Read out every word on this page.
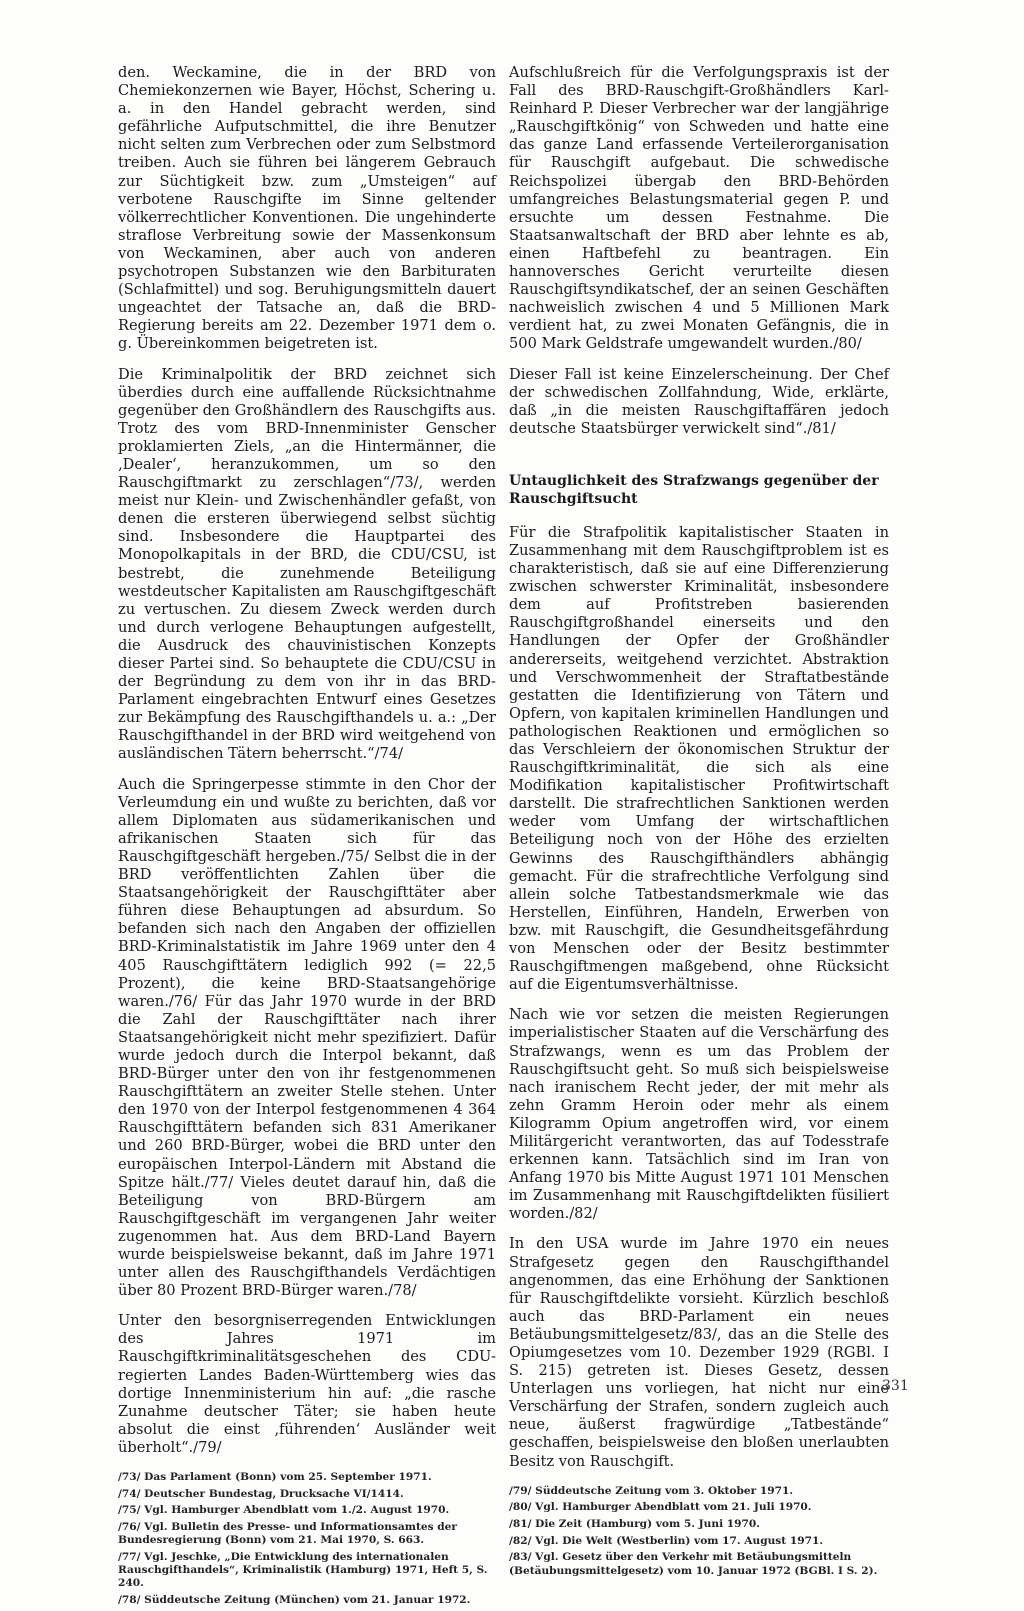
den. Weckamine, die in der BRD von Chemiekonzernen wie Bayer, Höchst, Schering u. a. in den Handel gebracht werden, sind gefährliche Aufputschmittel, die ihre Benutzer nicht selten zum Verbrechen oder zum Selbstmord treiben. Auch sie führen bei längerem Gebrauch zur Süchtigkeit bzw. zum „Umsteigen“ auf verbotene Rauschgifte im Sinne geltender völkerrechtlicher Konventionen. Die ungehinderte straflose Verbreitung sowie der Massenkonsum von Weckaminen, aber auch von anderen psychotropen Substanzen wie den Barbituraten (Schlafmittel) und sog. Beruhigungsmitteln dauert ungeachtet der Tatsache an, daß die BRD-Regierung bereits am 22. Dezember 1971 dem o. g. Übereinkommen beigetreten ist.

Die Kriminalpolitik der BRD zeichnet sich überdies durch eine auffallende Rücksichtnahme gegenüber den Großhändlern des Rauschgifts aus. Trotz des vom BRD-Innenminister Genscher proklamierten Ziels, „an die Hintermänner, die ‚Dealer‘, heranzukommen, um so den Rauschgiftmarkt zu zerschlagen“/73/, werden meist nur Klein- und Zwischenhändler gefaßt, von denen die ersteren überwiegend selbst süchtig sind. Insbesondere die Hauptpartei des Monopolkapitals in der BRD, die CDU/CSU, ist bestrebt, die zunehmende Beteiligung westdeutscher Kapitalisten am Rauschgiftgeschäft zu vertuschen. Zu diesem Zweck werden durch und durch verlogene Behauptungen aufgestellt, die Ausdruck des chauvinistischen Konzepts dieser Partei sind. So behauptete die CDU/CSU in der Begründung zu dem von ihr in das BRD-Parlament eingebrachten Entwurf eines Gesetzes zur Bekämpfung des Rauschgifthandels u. a.: „Der Rauschgifthandel in der BRD wird weitgehend von ausländischen Tätern beherrscht.“/74/

Auch die Springerpesse stimmte in den Chor der Verleumdung ein und wußte zu berichten, daß vor allem Diplomaten aus südamerikanischen und afrikanischen Staaten sich für das Rauschgiftgeschäft hergeben./75/ Selbst die in der BRD veröffentlichten Zahlen über die Staatsangehörigkeit der Rauschgifttäter aber führen diese Behauptungen ad absurdum. So befanden sich nach den Angaben der offiziellen BRD-Kriminalstatistik im Jahre 1969 unter den 4 405 Rauschgifttätern lediglich 992 (= 22,5 Prozent), die keine BRD-Staatsangehörige waren./76/ Für das Jahr 1970 wurde in der BRD die Zahl der Rauschgifttäter nach ihrer Staatsangehörigkeit nicht mehr spezifiziert. Dafür wurde jedoch durch die Interpol bekannt, daß BRD-Bürger unter den von ihr festgenommenen Rauschgifttätern an zweiter Stelle stehen. Unter den 1970 von der Interpol festgenommenen 4 364 Rauschgifttätern befanden sich 831 Amerikaner und 260 BRD-Bürger, wobei die BRD unter den europäischen Interpol-Ländern mit Abstand die Spitze hält./77/ Vieles deutet darauf hin, daß die Beteiligung von BRD-Bürgern am Rauschgiftgeschäft im vergangenen Jahr weiter zugenommen hat. Aus dem BRD-Land Bayern wurde beispielsweise bekannt, daß im Jahre 1971 unter allen des Rauschgifthandels Verdächtigen über 80 Prozent BRD-Bürger waren./78/

Unter den besorgniserregenden Entwicklungen des Jahres 1971 im Rauschgiftkriminalitätsgeschehen des CDU-regierten Landes Baden-Württemberg wies das dortige Innenministerium hin auf: „die rasche Zunahme deutscher Täter; sie haben heute absolut die einst ‚führenden‘ Ausländer weit überholt“./79/

/73/ Das Parlament (Bonn) vom 25. September 1971.

/74/ Deutscher Bundestag, Drucksache VI/1414.

/75/ Vgl. Hamburger Abendblatt vom 1./2. August 1970.

/76/ Vgl. Bulletin des Presse- und Informationsamtes der Bundesregierung (Bonn) vom 21. Mai 1970, S. 663.

/77/ Vgl. Jeschke, „Die Entwicklung des internationalen Rauschgifthandels“, Kriminalistik (Hamburg) 1971, Heft 5, S. 240.

/78/ Süddeutsche Zeitung (München) vom 21. Januar 1972.

Aufschlußreich für die Verfolgungspraxis ist der Fall des BRD-Rauschgift-Großhändlers Karl-Reinhard P. Dieser Verbrecher war der langjährige „Rauschgiftkönig“ von Schweden und hatte eine das ganze Land erfassende Verteilerorganisation für Rauschgift aufgebaut. Die schwedische Reichspolizei übergab den BRD-Behörden umfangreiches Belastungsmaterial gegen P. und ersuchte um dessen Festnahme. Die Staatsanwaltschaft der BRD aber lehnte es ab, einen Haftbefehl zu beantragen. Ein hannoversches Gericht verurteilte diesen Rauschgiftsyndikatschef, der an seinen Geschäften nachweislich zwischen 4 und 5 Millionen Mark verdient hat, zu zwei Monaten Gefängnis, die in 500 Mark Geldstrafe umgewandelt wurden./80/

Dieser Fall ist keine Einzelerscheinung. Der Chef der schwedischen Zollfahndung, Wide, erklärte, daß „in die meisten Rauschgiftaffären jedoch deutsche Staatsbürger verwickelt sind“./81/

Untauglichkeit des Strafzwangs gegenüber der Rauschgiftsucht

Für die Strafpolitik kapitalistischer Staaten in Zusammenhang mit dem Rauschgiftproblem ist es charakteristisch, daß sie auf eine Differenzierung zwischen schwerster Kriminalität, insbesondere dem auf Profitstreben basierenden Rauschgiftgroßhandel einerseits und den Handlungen der Opfer der Großhändler andererseits, weitgehend verzichtet. Abstraktion und Verschwommenheit der Straftatbestände gestatten die Identifizierung von Tätern und Opfern, von kapitalen kriminellen Handlungen und pathologischen Reaktionen und ermöglichen so das Verschleiern der ökonomischen Struktur der Rauschgiftkriminalität, die sich als eine Modifikation kapitalistischer Profitwirtschaft darstellt. Die strafrechtlichen Sanktionen werden weder vom Umfang der wirtschaftlichen Beteiligung noch von der Höhe des erzielten Gewinns des Rauschgifthändlers abhängig gemacht. Für die strafrechtliche Verfolgung sind allein solche Tatbestandsmerkmale wie das Herstellen, Einführen, Handeln, Erwerben von bzw. mit Rauschgift, die Gesundheitsgefährdung von Menschen oder der Besitz bestimmter Rauschgiftmengen maßgebend, ohne Rücksicht auf die Eigentumsverhältnisse.

Nach wie vor setzen die meisten Regierungen imperialistischer Staaten auf die Verschärfung des Strafzwangs, wenn es um das Problem der Rauschgiftsucht geht. So muß sich beispielsweise nach iranischem Recht jeder, der mit mehr als zehn Gramm Heroin oder mehr als einem Kilogramm Opium angetroffen wird, vor einem Militärgericht verantworten, das auf Todesstrafe erkennen kann. Tatsächlich sind im Iran von Anfang 1970 bis Mitte August 1971 101 Menschen im Zusammenhang mit Rauschgiftdelikten füsiliert worden./82/

In den USA wurde im Jahre 1970 ein neues Strafgesetz gegen den Rauschgifthandel angenommen, das eine Erhöhung der Sanktionen für Rauschgiftdelikte vorsieht. Kürzlich beschloß auch das BRD-Parlament ein neues Betäubungsmittelgesetz/83/, das an die Stelle des Opiumgesetzes vom 10. Dezember 1929 (RGBl. I S. 215) getreten ist. Dieses Gesetz, dessen Unterlagen uns vorliegen, hat nicht nur eine Verschärfung der Strafen, sondern zugleich auch neue, äußerst fragwürdige „Tatbestände“ geschaffen, beispielsweise den bloßen unerlaubten Besitz von Rauschgift.

/79/ Süddeutsche Zeitung vom 3. Oktober 1971.

/80/ Vgl. Hamburger Abendblatt vom 21. Juli 1970.

/81/ Die Zeit (Hamburg) vom 5. Juni 1970.

/82/ Vgl. Die Welt (Westberlin) vom 17. August 1971.

/83/ Vgl. Gesetz über den Verkehr mit Betäubungsmitteln (Betäubungsmittelgesetz) vom 10. Januar 1972 (BGBl. I S. 2).

331
